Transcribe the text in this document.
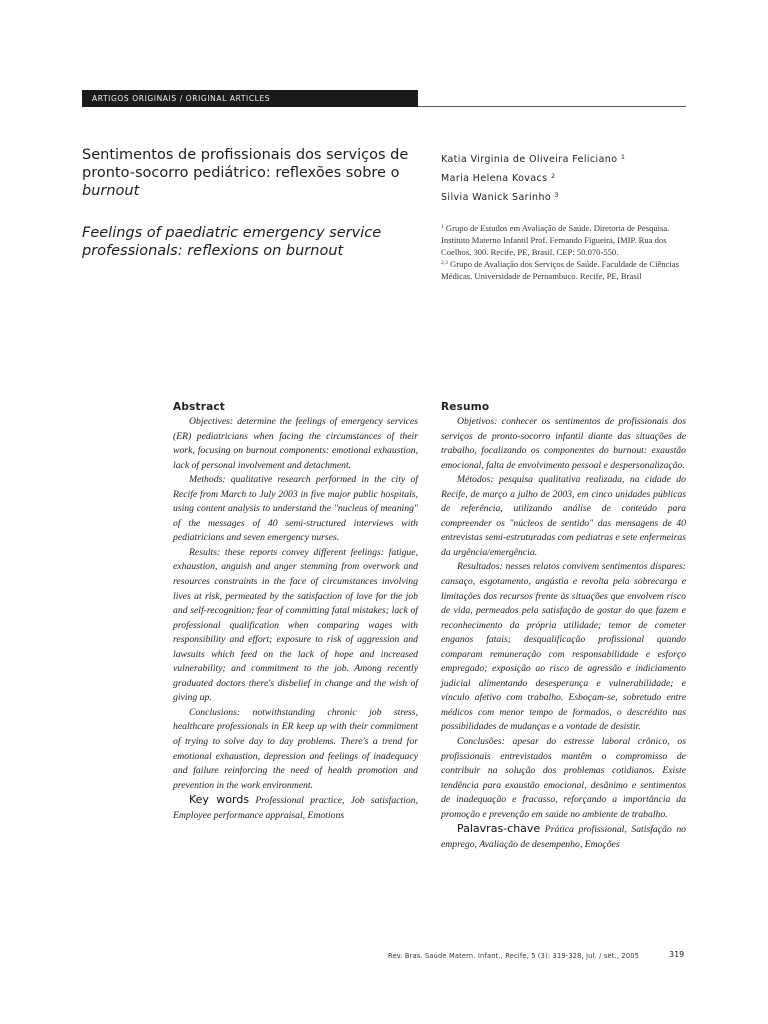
ARTIGOS ORIGINAIS / ORIGINAL ARTICLES
Sentimentos de profissionais dos serviços de
pronto-socorro pediátrico: reflexões sobre o
burnout
Feelings of paediatric emergency service
professionals: reflexions on burnout
Katia Virginia de Oliveira Feliciano $^1$
Maria Helena Kovacs $^2$
Silvia Wanick Sarinho $^3$
$^1$ Grupo de Estudos em Avaliação de Saúde. Diretoria de Pesquisa. Instituto Materno Infantil Prof. Fernando Figueira, IMIP. Rua dos Coelhos, 300. Recife, PE, Brasil. CEP: 50.070-550.
$^{2,3}$ Grupo de Avaliação dos Serviços de Saúde. Faculdade de Ciências Médicas. Universidade de Pernambuco. Recife, PE, Brasil
Abstract

Objectives: determine the feelings of emergency services (ER) pediatricians when facing the circumstances of their work, focusing on burnout components: emotional exhaustion, lack of personal involvement and detachment.

Methods: qualitative research performed in the city of Recife from March to July 2003 in five major public hospitals, using content analysis to understand the "nucleus of meaning" of the messages of 40 semi-structured interviews with pediatricians and seven emergency nurses.

Results: these reports convey different feelings: fatigue, exhaustion, anguish and anger stemming from overwork and resources constraints in the face of circumstances involving lives at risk, permeated by the satisfaction of love for the job and self-recognition; fear of committing fatal mistakes; lack of professional qualification when comparing wages with responsibility and effort; exposure to risk of aggression and lawsuits which feed on the lack of hope and increased vulnerability; and commitment to the job. Among recently graduated doctors there's disbelief in change and the wish of giving up.

Conclusions: notwithstanding chronic job stress, healthcare professionals in ER keep up with their commitment of trying to solve day to day problems. There's a trend for emotional exhaustion, depression and feelings of inadequacy and failure reinforcing the need of health promotion and prevention in the work environment.

Key words Professional practice, Job satisfaction, Employee performance appraisal, Emotions

Resumo

Objetivos: conhecer os sentimentos de profissionais dos serviços de pronto-socorro infantil diante das situações de trabalho, focalizando os componentes do burnout: exaustão emocional, falta de envolvimento pessoal e despersonalização.

Métodos: pesquisa qualitativa realizada, na cidade do Recife, de março a julho de 2003, em cinco unidades públicas de referência, utilizando análise de conteúdo para compreender os "núcleos de sentido" das mensagens de 40 entrevistas semi-estruturadas com pediatras e sete enfermeiras da urgência/emergência.

Resultados: nesses relatos convivem sentimentos díspares: cansaço, esgotamento, angústia e revolta pela sobrecarga e limitações dos recursos frente às situações que envolvem risco de vida, permeados pela satisfação de gostar do que fazem e reconhecimento da própria utilidade; temor de cometer enganos fatais; desqualificação profissional quando comparam remuneração com responsabilidade e esforço empregado; exposição ao risco de agressão e indiciamento judicial alimentando desesperança e vulnerabilidade; e vínculo afetivo com trabalho. Esboçam-se, sobretudo entre médicos com menor tempo de formados, o descrédito nas possibilidades de mudanças e a vontade de desistir.

Conclusões: apesar do estresse laboral crônico, os profissionais entrevistados mantêm o compromisso de contribuir na solução dos problemas cotidianos. Existe tendência para exaustão emocional, desânimo e sentimentos de inadequação e fracasso, reforçando a importância da promoção e prevenção em saúde no ambiente de trabalho.

Palavras-chave Prática profissional, Satisfação no emprego, Avaliação de desempenho, Emoções

Rev. Bras. Saúde Matern. Infant., Recife, 5 (3): 319-328, jul. / set., 2005	319
